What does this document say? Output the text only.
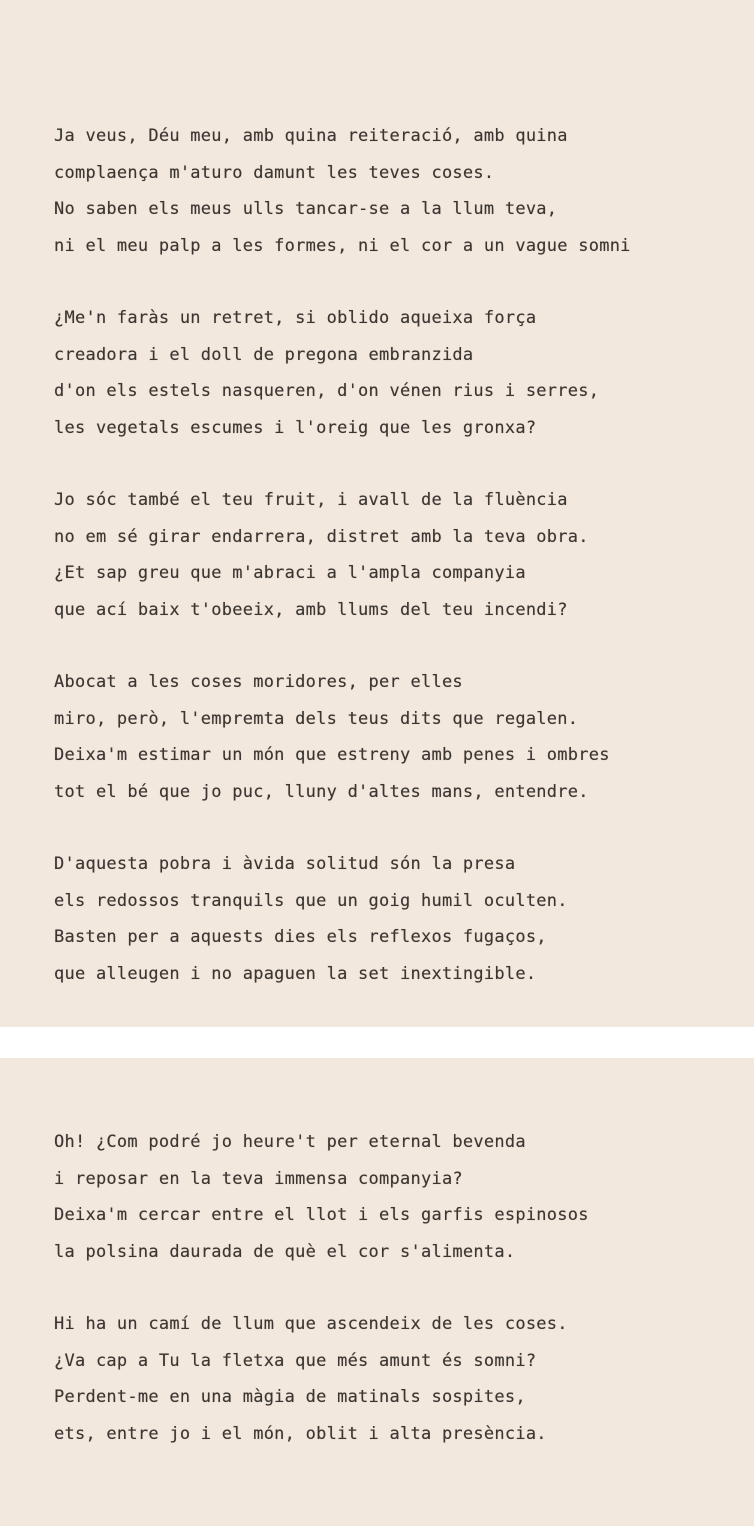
Ja veus, Déu meu, amb quina reiteració, amb quina
complaença m'aturo damunt les teves coses.
No saben els meus ulls tancar-se a la llum teva,
ni el meu palp a les formes, ni el cor a un vague somni
¿Me'n faràs un retret, si oblido aqueixa força
creadora i el doll de pregona embranzida
d'on els estels nasqueren, d'on vénen rius i serres,
les vegetals escumes i l'oreig que les gronxa?
Jo sóc també el teu fruit, i avall de la fluència
no em sé girar endarrera, distret amb la teva obra.
¿Et sap greu que m'abraci a l'ampla companyia
que ací baix t'obeeix, amb llums del teu incendi?
Abocat a les coses moridores, per elles
miro, però, l'empremta dels teus dits que regalen.
Deixa'm estimar un món que estreny amb penes i ombres
tot el bé que jo puc, lluny d'altes mans, entendre.
D'aquesta pobra i àvida solitud són la presa
els redossos tranquils que un goig humil oculten.
Basten per a aquests dies els reflexos fugaços,
que alleugen i no apaguen la set inextingible.
Oh! ¿Com podré jo heure't per eternal bevenda
i reposar en la teva immensa companyia?
Deixa'm cercar entre el llot i els garfis espinosos
la polsina daurada de què el cor s'alimenta.
Hi ha un camí de llum que ascendeix de les coses.
¿Va cap a Tu la fletxa que més amunt és somni?
Perdent-me en una màgia de matinals sospites,
ets, entre jo i el món, oblit i alta presència.
